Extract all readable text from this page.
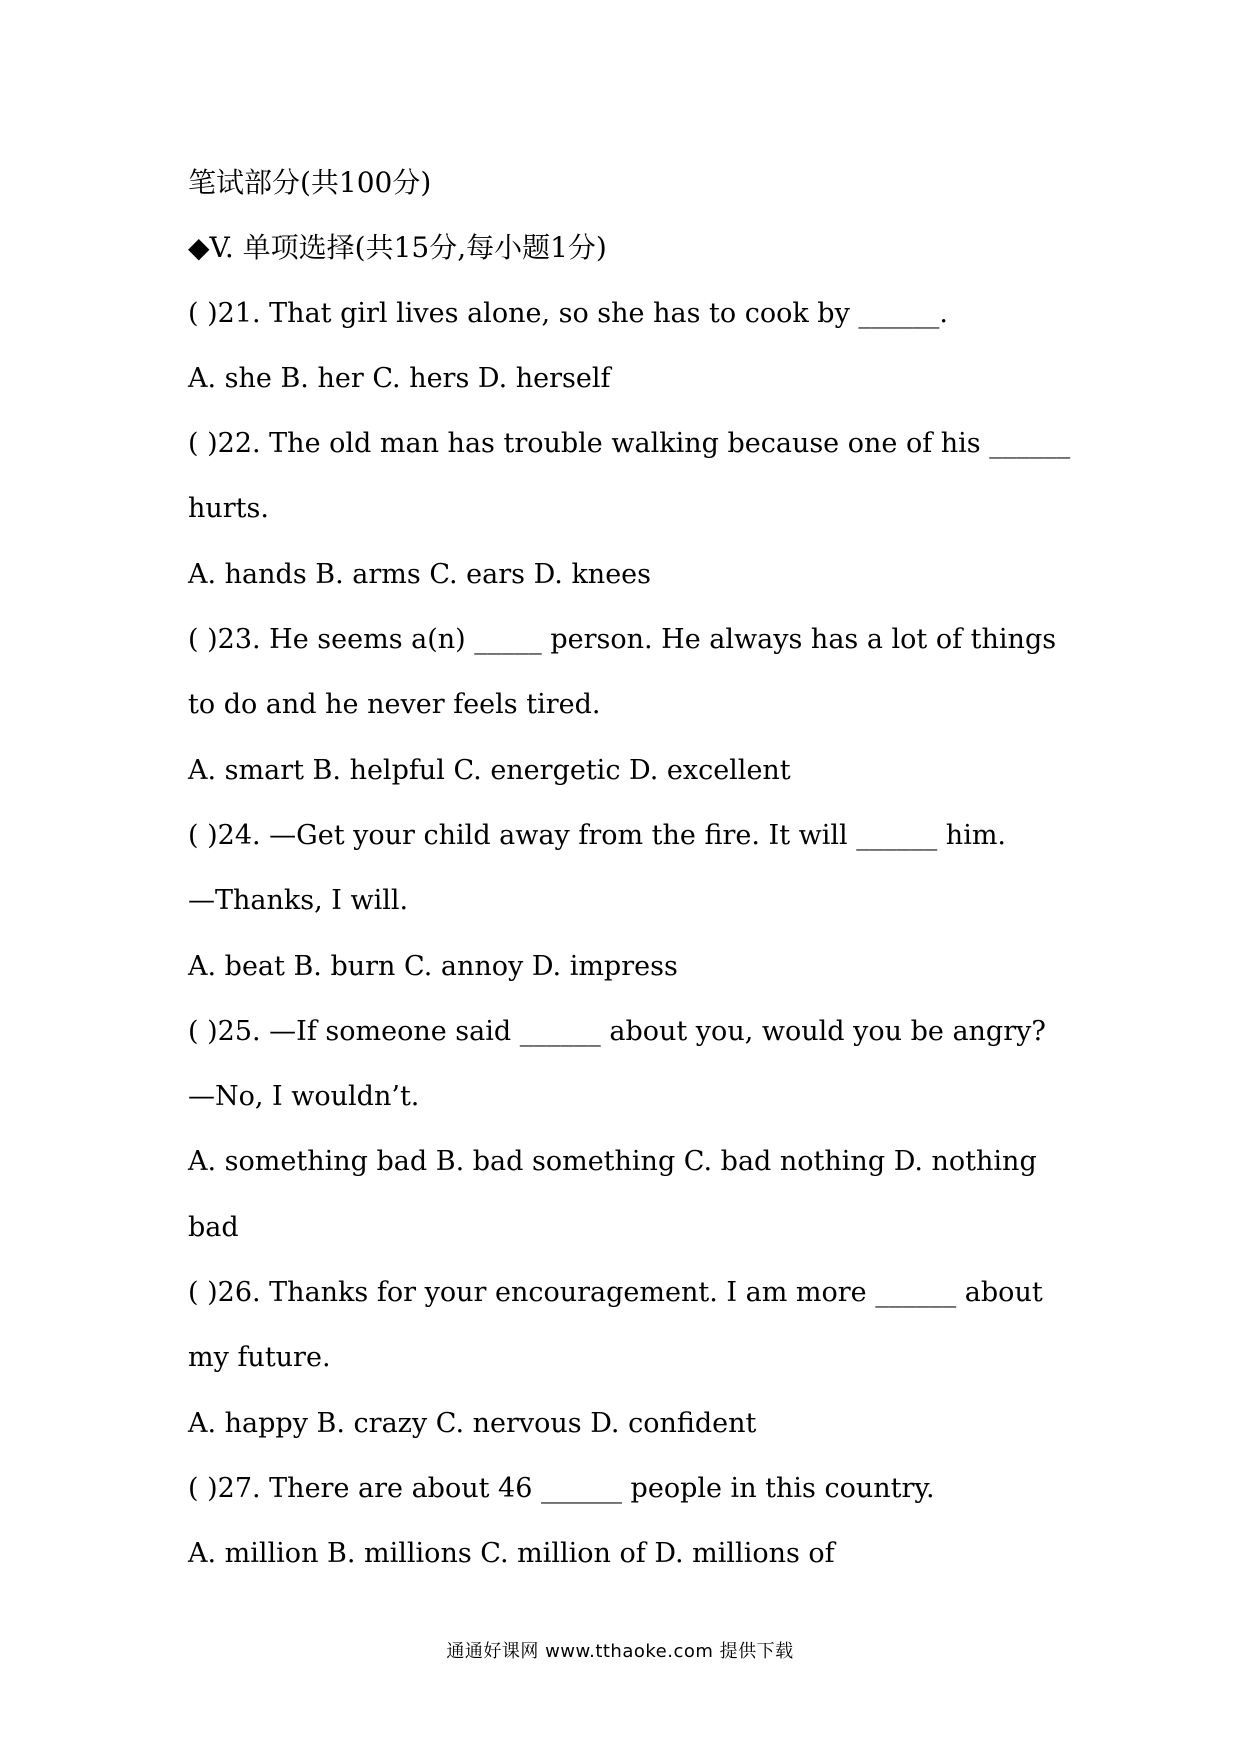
笔试部分(共100分)
◆V. 单项选择(共15分,每小题1分)
( )21. That girl lives alone, so she has to cook by ______.
A. she B. her C. hers D. herself
( )22. The old man has trouble walking because one of his ______
hurts.
A. hands B. arms C. ears D. knees
( )23. He seems a(n) _____ person. He always has a lot of things
to do and he never feels tired.
A. smart B. helpful C. energetic D. excellent
( )24. —Get your child away from the fire. It will ______ him.
—Thanks, I will.
A. beat B. burn C. annoy D. impress
( )25. —If someone said ______ about you, would you be angry?
—No, I wouldn’t.
A. something bad B. bad something C. bad nothing D. nothing
bad
( )26. Thanks for your encouragement. I am more ______ about
my future.
A. happy B. crazy C. nervous D. confident
( )27. There are about 46 ______ people in this country.
A. million B. millions C. million of D. millions of
通通好课网 www.tthaoke.com 提供下载
